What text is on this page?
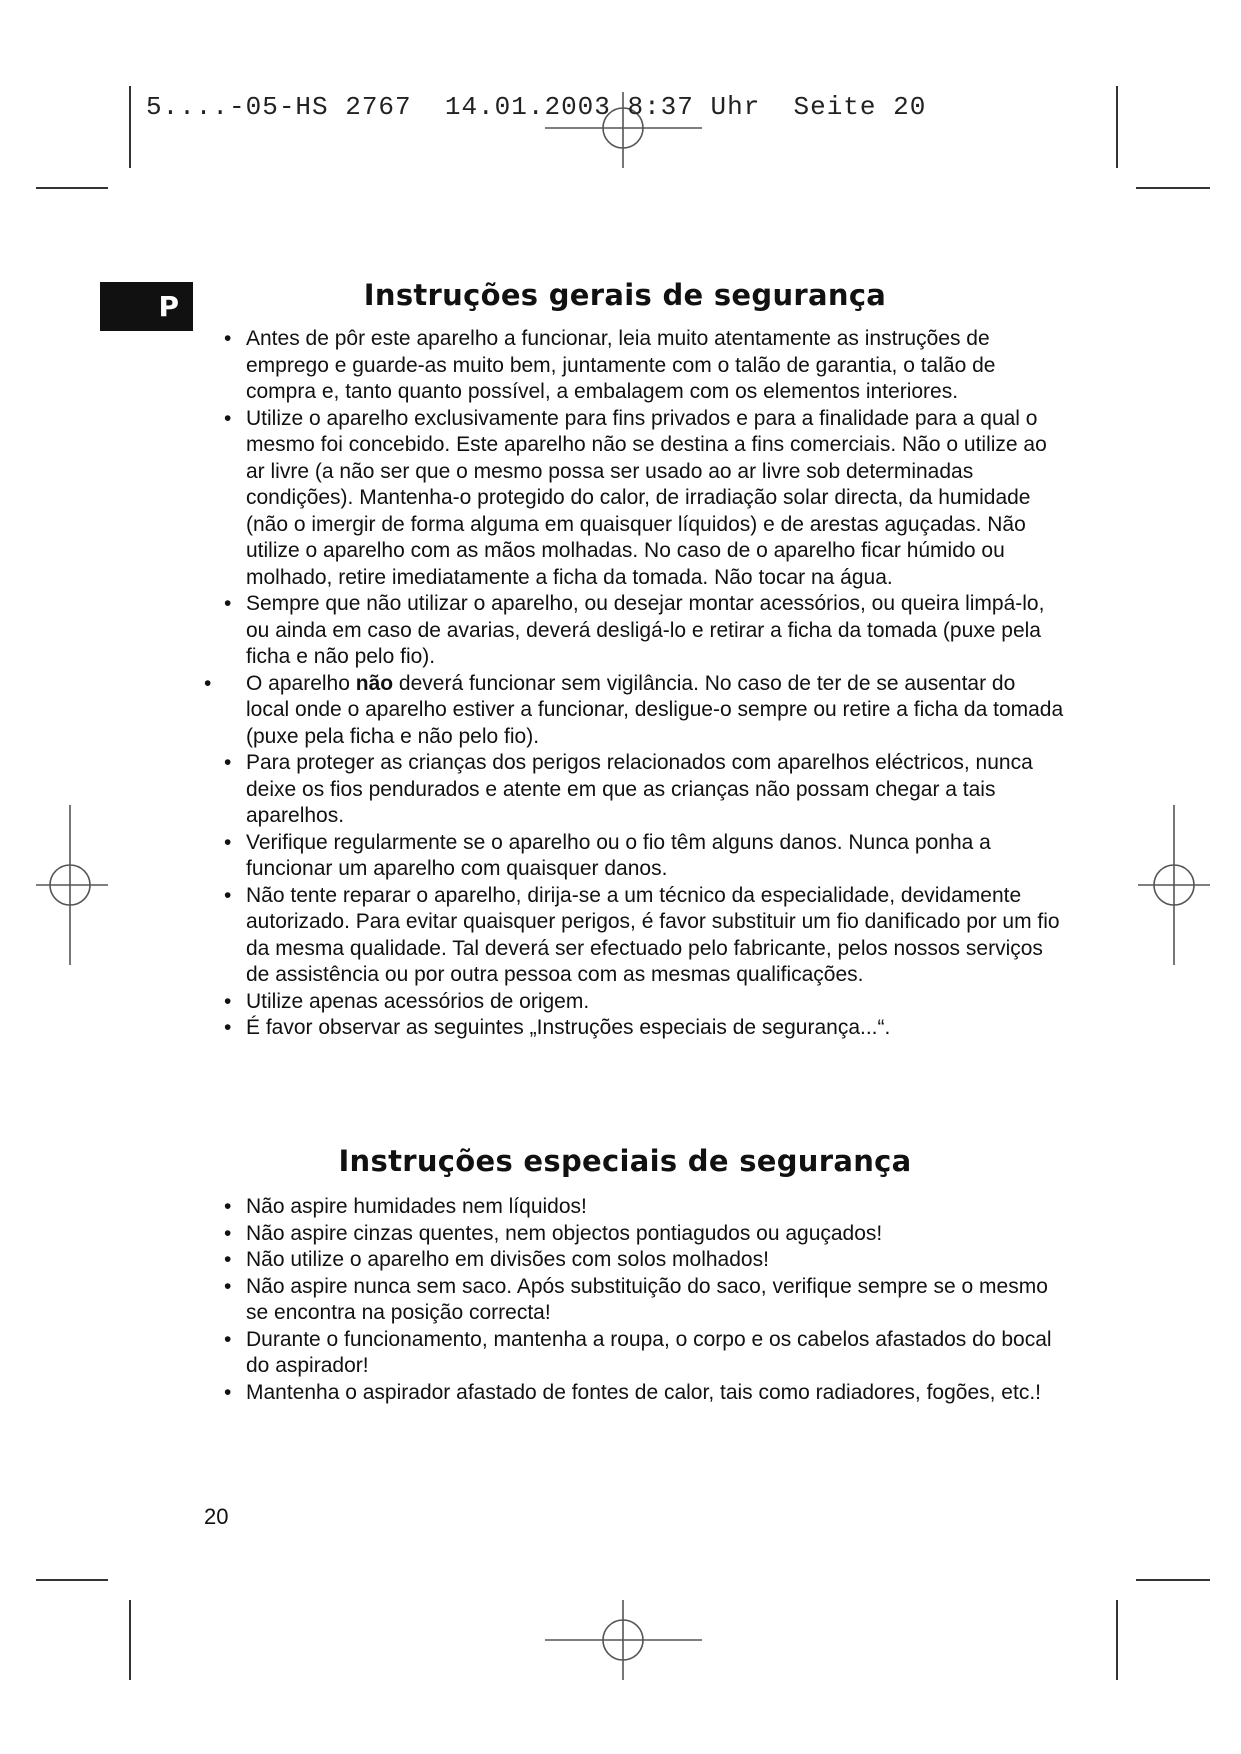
5....-05-HS 2767  14.01.2003 8:37 Uhr  Seite 20
P	Instruções gerais de segurança
• Antes de pôr este aparelho a funcionar, leia muito atentamente as instruções de emprego e guarde-as muito bem, juntamente com o talão de garantia, o talão de compra e, tanto quanto possível, a embalagem com os elementos interiores.
• Utilize o aparelho exclusivamente para fins privados e para a finalidade para a qual o mesmo foi concebido. Este aparelho não se destina a fins comerciais. Não o utilize ao ar livre (a não ser que o mesmo possa ser usado ao ar livre sob determinadas condições). Mantenha-o protegido do calor, de irradiação solar directa, da humidade (não o imergir de forma alguma em quaisquer líquidos) e de arestas aguçadas. Não utilize o aparelho com as mãos molhadas. No caso de o aparelho ficar húmido ou molhado, retire imediatamente a ficha da tomada. Não tocar na água.
• Sempre que não utilizar o aparelho, ou desejar montar acessórios, ou queira limpá-lo, ou ainda em caso de avarias, deverá desligá-lo e retirar a ficha da tomada (puxe pela ficha e não pelo fio).
• O aparelho não deverá funcionar sem vigilância. No caso de ter de se ausentar do local onde o aparelho estiver a funcionar, desligue-o sempre ou retire a ficha da tomada (puxe pela ficha e não pelo fio).
• Para proteger as crianças dos perigos relacionados com aparelhos eléctricos, nunca deixe os fios pendurados e atente em que as crianças não possam chegar a tais aparelhos.
• Verifique regularmente se o aparelho ou o fio têm alguns danos. Nunca ponha a funcionar um aparelho com quaisquer danos.
• Não tente reparar o aparelho, dirija-se a um técnico da especialidade, devidamente autorizado. Para evitar quaisquer perigos, é favor substituir um fio danificado por um fio da mesma qualidade. Tal deverá ser efectuado pelo fabricante, pelos nossos serviços de assistência ou por outra pessoa com as mesmas qualificações.
• Utilize apenas acessórios de origem.
• É favor observar as seguintes „Instruções especiais de segurança...“.
Instruções especiais de segurança
• Não aspire humidades nem líquidos!
• Não aspire cinzas quentes, nem objectos pontiagudos ou aguçados!
• Não utilize o aparelho em divisões com solos molhados!
• Não aspire nunca sem saco. Após substituição do saco, verifique sempre se o mesmo se encontra na posição correcta!
• Durante o funcionamento, mantenha a roupa, o corpo e os cabelos afastados do bocal do aspirador!
• Mantenha o aspirador afastado de fontes de calor, tais como radiadores, fogões, etc.!
20
